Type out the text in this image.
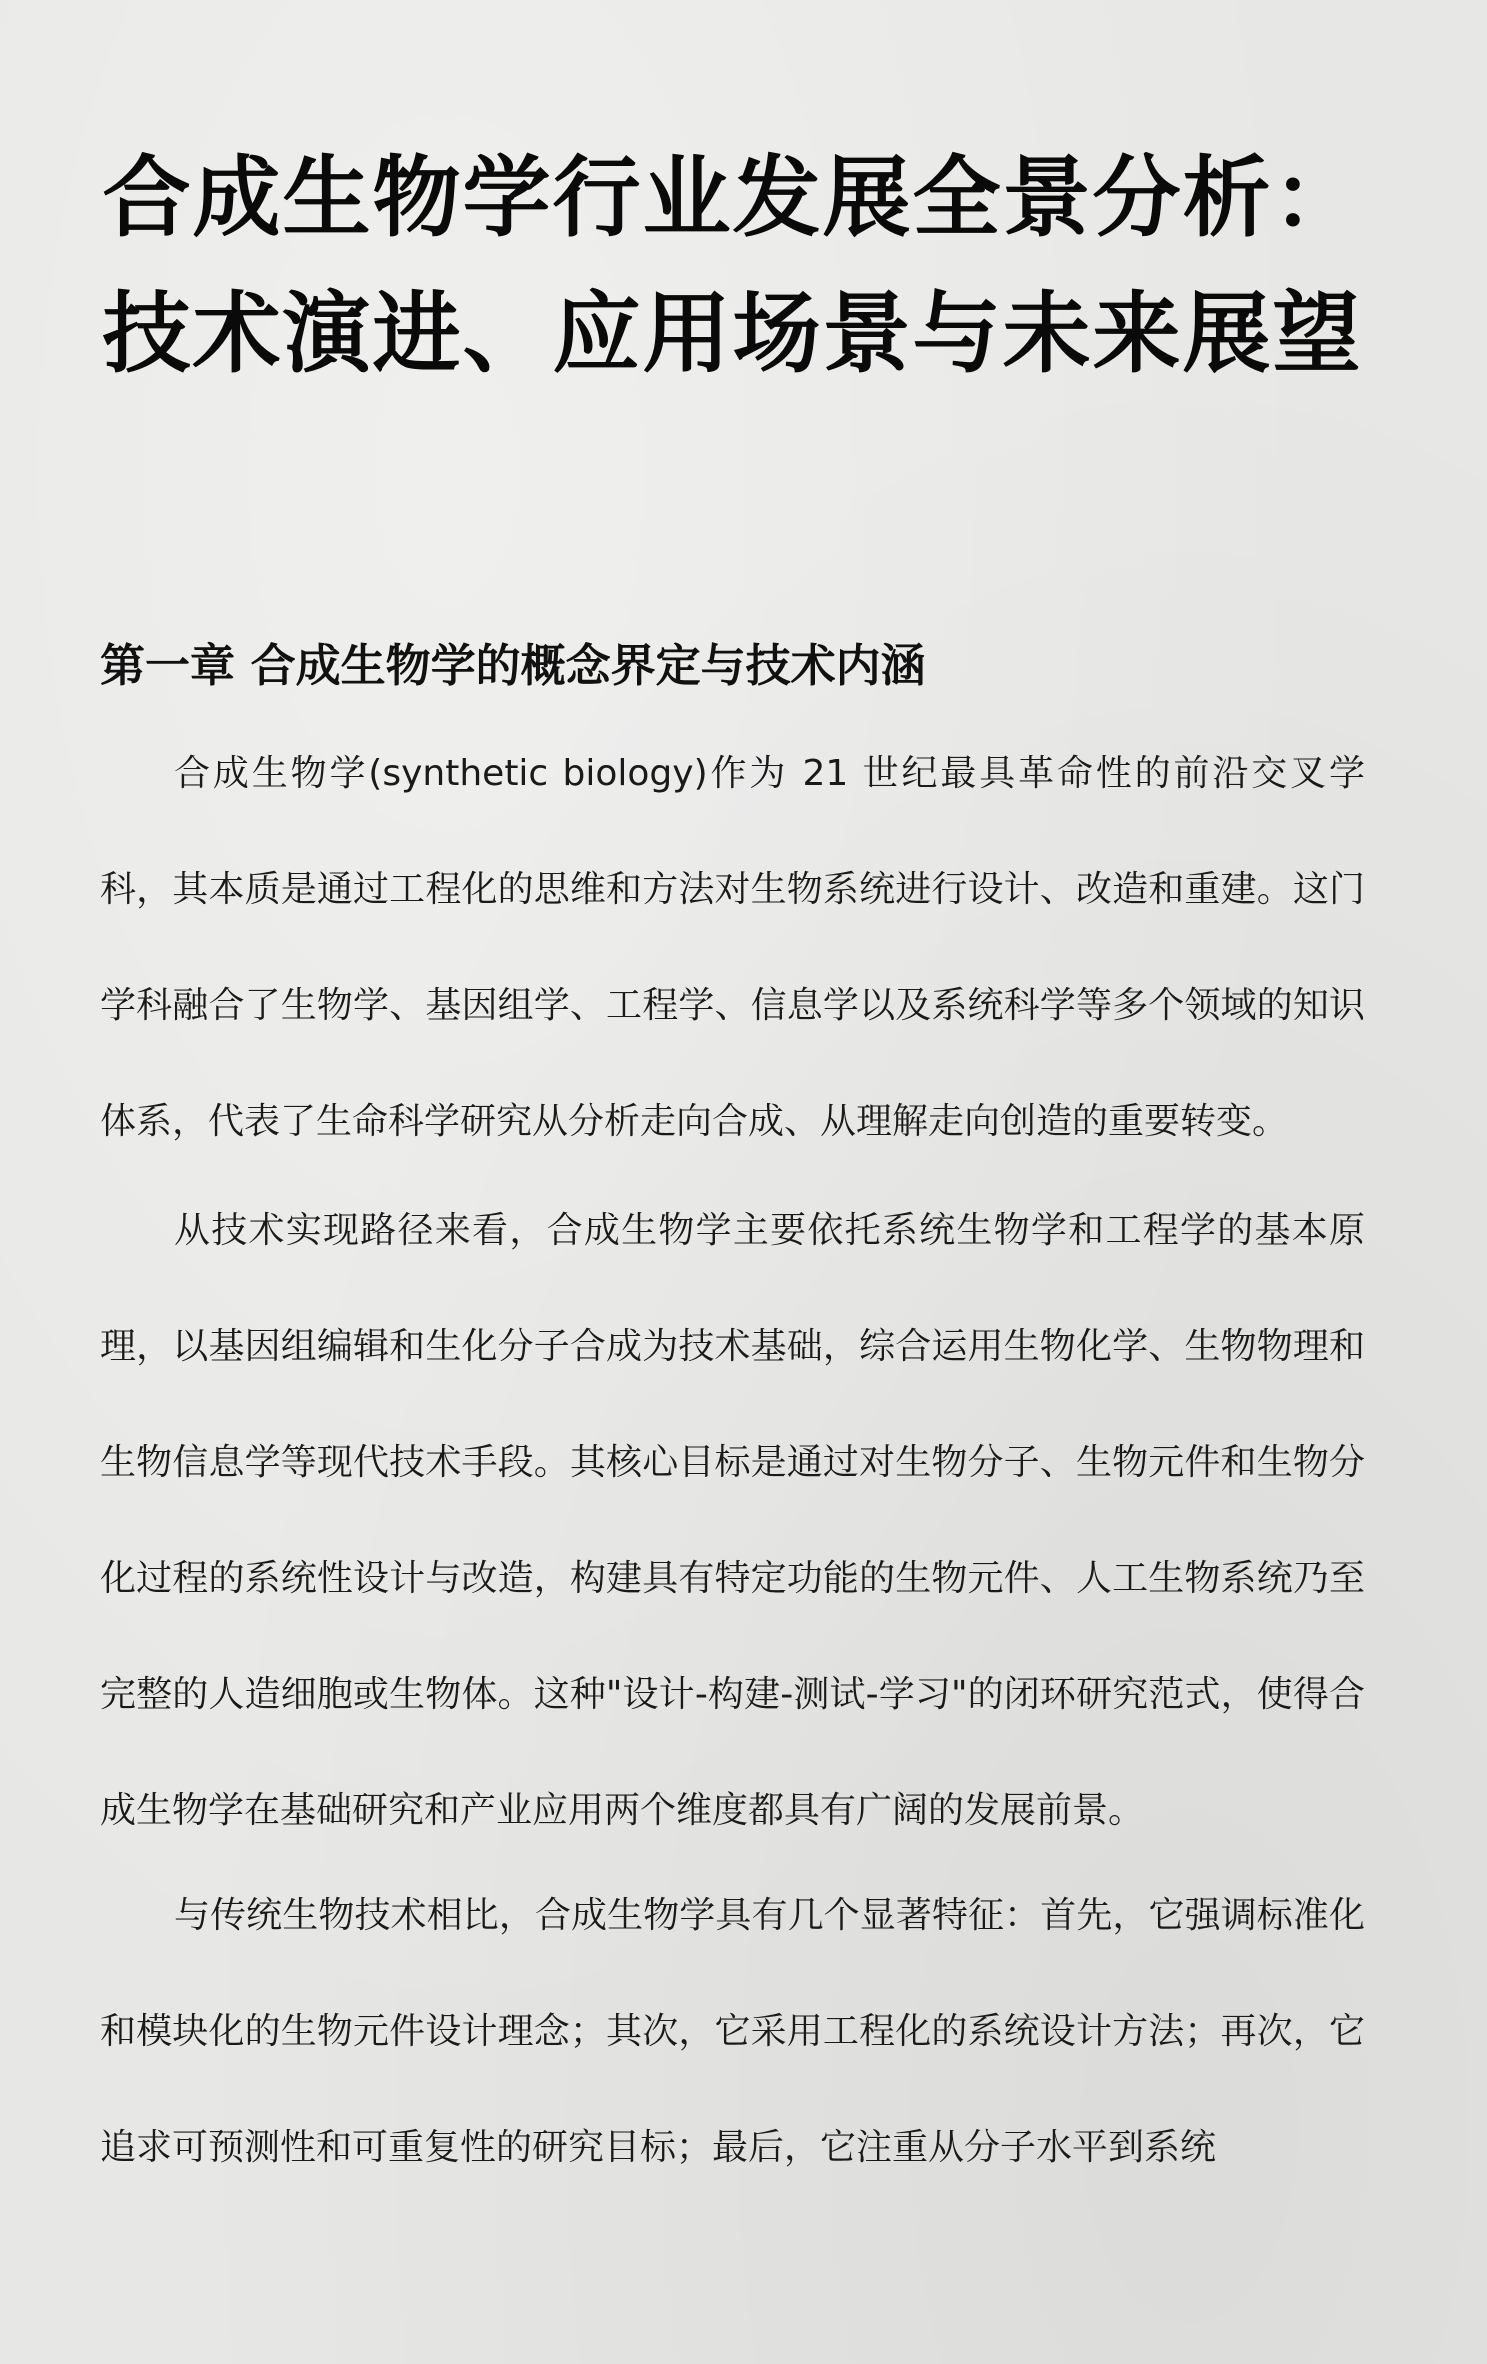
合成生物学行业发展全景分析：技术演进、应用场景与未来展望
第一章 合成生物学的概念界定与技术内涵

合成生物学(synthetic biology)作为 21 世纪最具革命性的前沿交叉学科，其本质是通过工程化的思维和方法对生物系统进行设计、改造和重建。这门学科融合了生物学、基因组学、工程学、信息学以及系统科学等多个领域的知识体系，代表了生命科学研究从分析走向合成、从理解走向创造的重要转变。

从技术实现路径来看，合成生物学主要依托系统生物学和工程学的基本原理，以基因组编辑和生化分子合成为技术基础，综合运用生物化学、生物物理和生物信息学等现代技术手段。其核心目标是通过对生物分子、生物元件和生物分化过程的系统性设计与改造，构建具有特定功能的生物元件、人工生物系统乃至完整的人造细胞或生物体。这种"设计-构建-测试-学习"的闭环研究范式，使得合成生物学在基础研究和产业应用两个维度都具有广阔的发展前景。

与传统生物技术相比，合成生物学具有几个显著特征：首先，它强调标准化和模块化的生物元件设计理念；其次，它采用工程化的系统设计方法；再次，它追求可预测性和可重复性的研究目标；最后，它注重从分子水平到系统
